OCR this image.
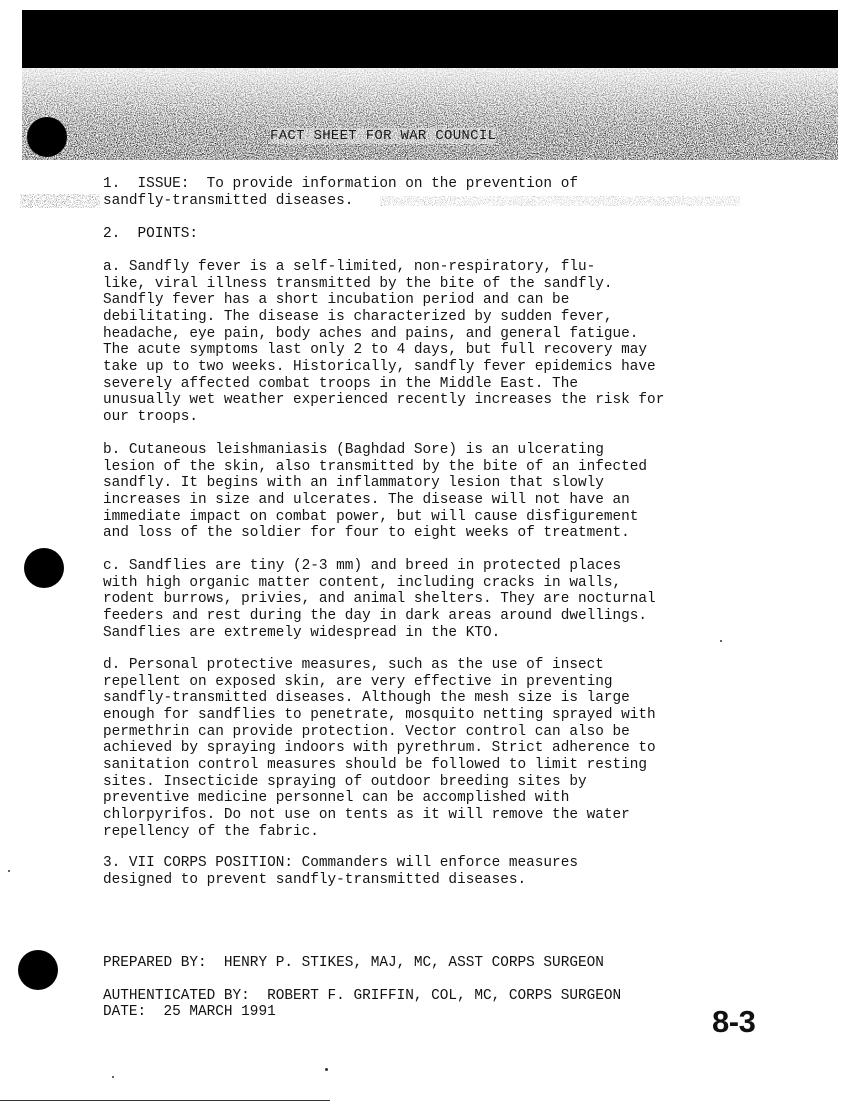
FACT SHEET FOR WAR COUNCIL
1.  ISSUE:  To provide information on the prevention of
sandfly-transmitted diseases.
2.  POINTS:
a. Sandfly fever is a self-limited, non-respiratory, flu-
like, viral illness transmitted by the bite of the sandfly.
Sandfly fever has a short incubation period and can be
debilitating. The disease is characterized by sudden fever,
headache, eye pain, body aches and pains, and general fatigue.
The acute symptoms last only 2 to 4 days, but full recovery may
take up to two weeks. Historically, sandfly fever epidemics have
severely affected combat troops in the Middle East. The
unusually wet weather experienced recently increases the risk for
our troops.
b. Cutaneous leishmaniasis (Baghdad Sore) is an ulcerating
lesion of the skin, also transmitted by the bite of an infected
sandfly. It begins with an inflammatory lesion that slowly
increases in size and ulcerates. The disease will not have an
immediate impact on combat power, but will cause disfigurement
and loss of the soldier for four to eight weeks of treatment.
c. Sandflies are tiny (2-3 mm) and breed in protected places
with high organic matter content, including cracks in walls,
rodent burrows, privies, and animal shelters. They are nocturnal
feeders and rest during the day in dark areas around dwellings.
Sandflies are extremely widespread in the KTO.
d. Personal protective measures, such as the use of insect
repellent on exposed skin, are very effective in preventing
sandfly-transmitted diseases. Although the mesh size is large
enough for sandflies to penetrate, mosquito netting sprayed with
permethrin can provide protection. Vector control can also be
achieved by spraying indoors with pyrethrum. Strict adherence to
sanitation control measures should be followed to limit resting
sites. Insecticide spraying of outdoor breeding sites by
preventive medicine personnel can be accomplished with
chlorpyrifos. Do not use on tents as it will remove the water
repellency of the fabric.
3. VII CORPS POSITION: Commanders will enforce measures
designed to prevent sandfly-transmitted diseases.
PREPARED BY:  HENRY P. STIKES, MAJ, MC, ASST CORPS SURGEON
AUTHENTICATED BY:  ROBERT F. GRIFFIN, COL, MC, CORPS SURGEON
DATE:  25 MARCH 1991	8-3
